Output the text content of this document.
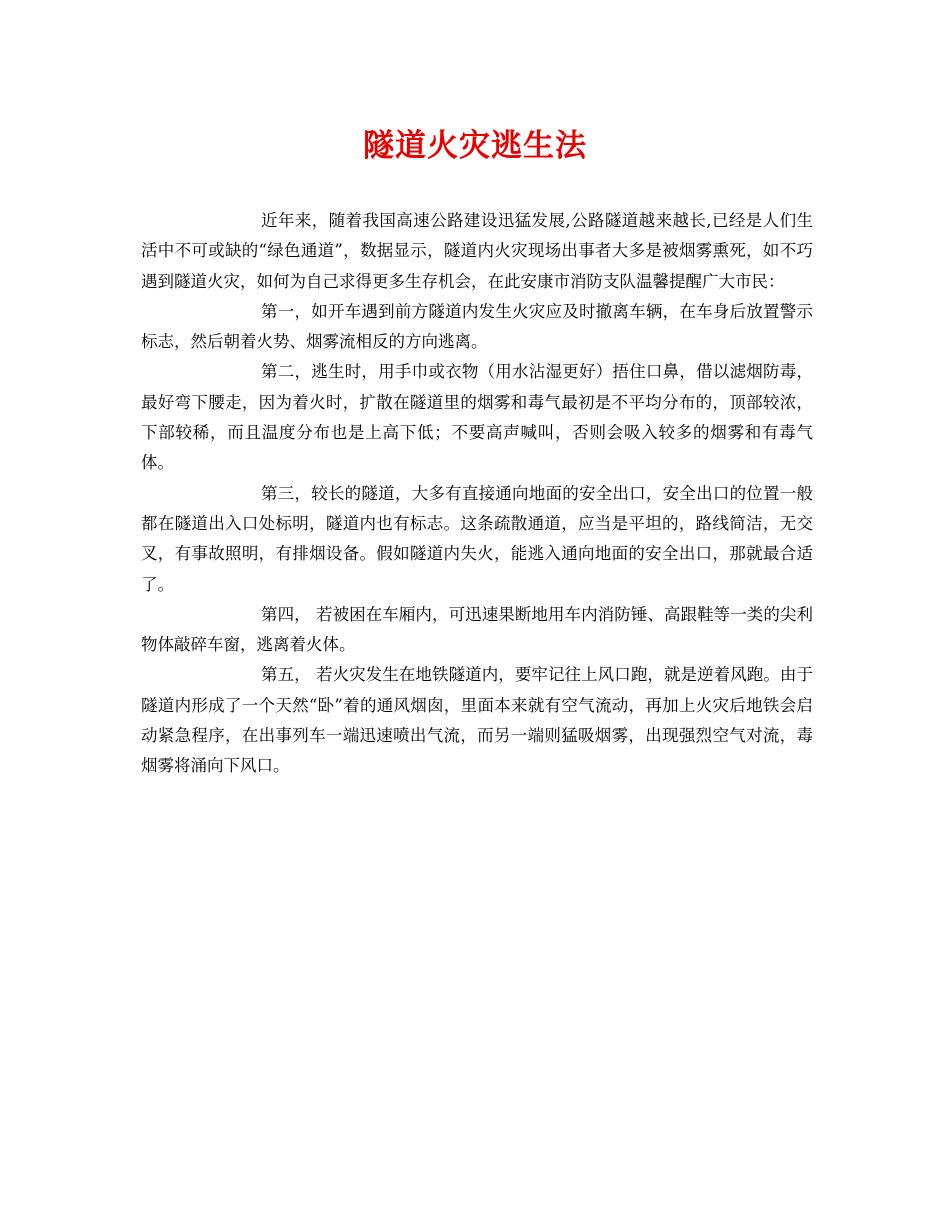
隧道火灾逃生法

近年来，随着我国高速公路建设迅猛发展,公路隧道越来越长,已经是人们生活中不可或缺的“绿色通道”，数据显示，隧道内火灾现场出事者大多是被烟雾熏死，如不巧遇到隧道火灾，如何为自己求得更多生存机会，在此安康市消防支队温馨提醒广大市民：

第一，如开车遇到前方隧道内发生火灾应及时撤离车辆，在车身后放置警示标志，然后朝着火势、烟雾流相反的方向逃离。

第二，逃生时，用手巾或衣物（用水沾湿更好）捂住口鼻，借以滤烟防毒，最好弯下腰走，因为着火时，扩散在隧道里的烟雾和毒气最初是不平均分布的，顶部较浓，下部较稀，而且温度分布也是上高下低；不要高声喊叫，否则会吸入较多的烟雾和有毒气体。

第三，较长的隧道，大多有直接通向地面的安全出口，安全出口的位置一般都在隧道出入口处标明，隧道内也有标志。这条疏散通道，应当是平坦的，路线简洁，无交叉，有事故照明，有排烟设备。假如隧道内失火，能逃入通向地面的安全出口，那就最合适了。

第四， 若被困在车厢内，可迅速果断地用车内消防锤、高跟鞋等一类的尖利物体敲碎车窗，逃离着火体。

第五， 若火灾发生在地铁隧道内，要牢记往上风口跑，就是逆着风跑。由于隧道内形成了一个天然“卧”着的通风烟囱，里面本来就有空气流动，再加上火灾后地铁会启动紧急程序，在出事列车一端迅速喷出气流，而另一端则猛吸烟雾，出现强烈空气对流，毒烟雾将涌向下风口。
